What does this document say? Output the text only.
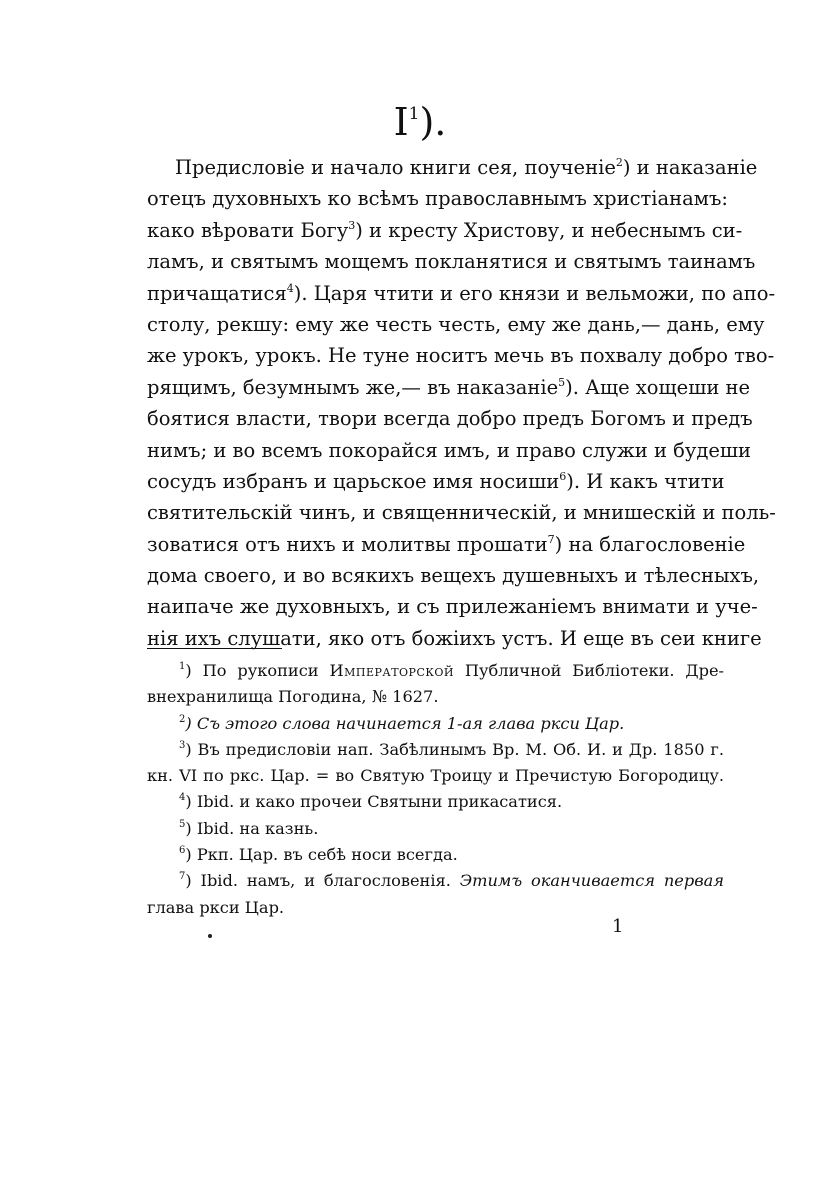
$I^1$).
Предисловіе и начало книги сея, поученіе$^2$) и наказаніе
отецъ духовныхъ ко всѣмъ православнымъ христіанамъ:
како вѣровати Богу$^3$) и кресту Христову, и небеснымъ си-
ламъ, и святымъ мощемъ покланятися и святымъ таинамъ
причащатися$^4$). Царя чтити и его князи и вельможи, по апо-
столу, рекшу: ему же честь честь, ему же дань,— дань, ему
же урокъ, урокъ. Не туне носитъ мечь въ похвалу добро тво-
рящимъ, безумнымъ же,— въ наказаніе$^5$). Аще хощеши не
боятися власти, твори всегда добро предъ Богомъ и предъ
нимъ; и во всемъ покорайся имъ, и право служи и будеши
сосудъ избранъ и царьское имя носиши$^6$). И какъ чтити
святительскій чинъ, и священническій, и мнишескій и поль-
зоватися отъ нихъ и молитвы прошати$^7$) на благословеніе
дома своего, и во всякихъ вещехъ душевныхъ и тѣлесныхъ,
наипаче же духовныхъ, и съ прилежаніемъ внимати и уче-
нія ихъ слушати, яко отъ божіихъ устъ. И еще въ сеи книге
$^1$) По рукописи Императорской Публичной Библіотеки. Дре-
внехранилища Погодина, № 1627.
$^2$) Съ этого слова начинается 1-ая глава ркси Цар.
$^3$) Въ предисловіи нап. Забѣлинымъ Вр. М. Об. И. и Др. 1850 г.
кн. VI по ркс. Цар. = во Святую Троицу и Пречистую Богородицу.
$^4$) Ibid. и како прочеи Святыни прикасатися.
$^5$) Ibid. на казнь.
$^6$) Ркп. Цар. въ себѣ носи всегда.
$^7$) Ibid. намъ, и благословенія. Этимъ оканчивается первая
глава ркси Цар.
1
